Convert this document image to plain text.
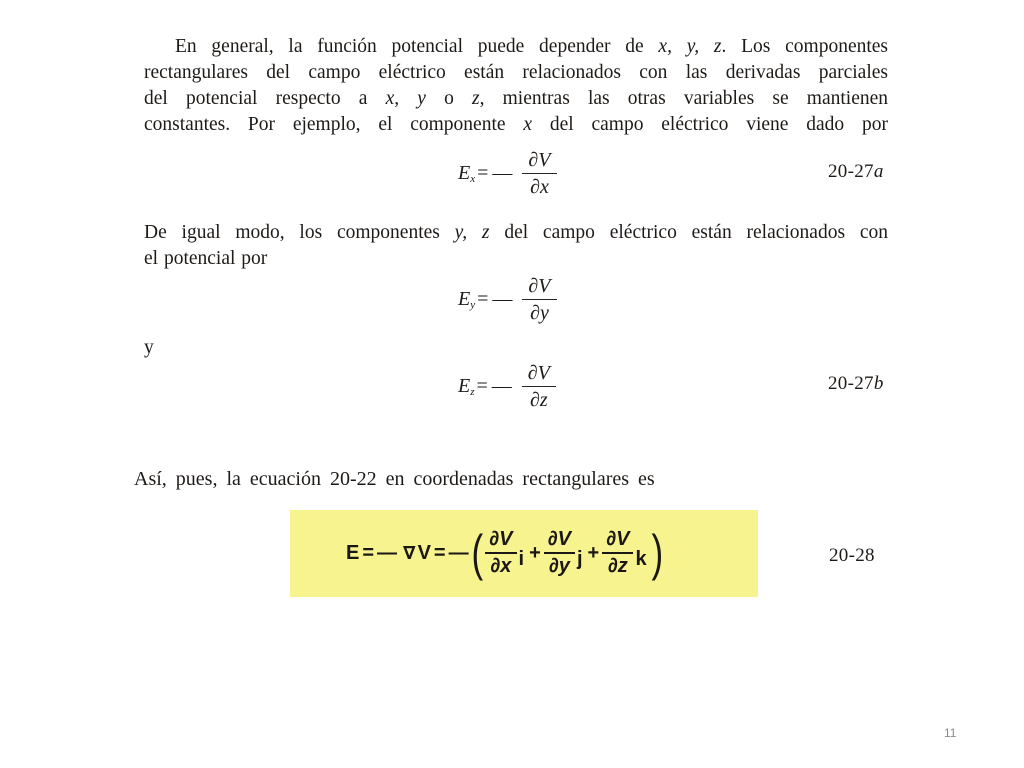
En general, la función potencial puede depender de x, y, z. Los componentes
rectangulares del campo eléctrico están relacionados con las derivadas parciales
del potencial respecto a x, y o z, mientras las otras variables se mantienen
constantes. Por ejemplo, el componente x del campo eléctrico viene dado por
$E_x$ = — $\frac{\partial V}{\partial x}$	20-27a
De igual modo, los componentes y, z del campo eléctrico están relacionados con
el potencial por
$E_y$ = — $\frac{\partial V}{\partial y}$
y
$E_z$ = — $\frac{\partial V}{\partial z}$	20-27b
Así, pues, la ecuación 20-22 en coordenadas rectangulares es
E = — ∇ V = — ( $\frac{\partial V}{\partial x}$ $i + \frac{\partial V}{\partial y}$ $j + \frac{\partial V}{\partial z}$ k )	20-28
11
